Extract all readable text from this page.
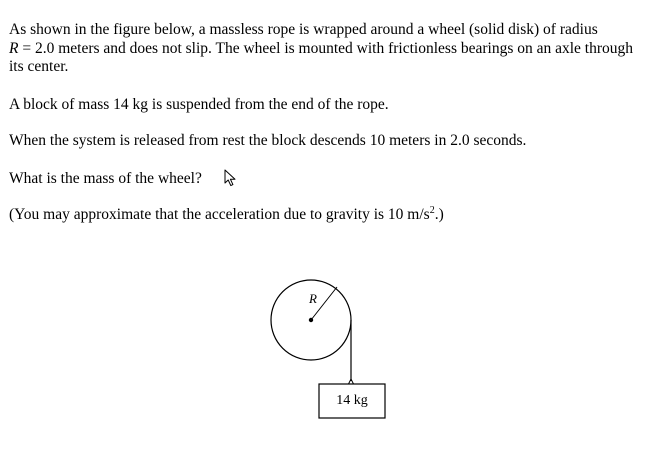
As shown in the figure below, a massless rope is wrapped around a wheel (solid disk) of radius
R = 2.0 meters and does not slip. The wheel is mounted with frictionless bearings on an axle through its center.

A block of mass 14 kg is suspended from the end of the rope.

When the system is released from rest the block descends 10 meters in 2.0 seconds.

What is the mass of the wheel?

(You may approximate that the acceleration due to gravity is 10 $m/s^2$.)

R
14 kg
